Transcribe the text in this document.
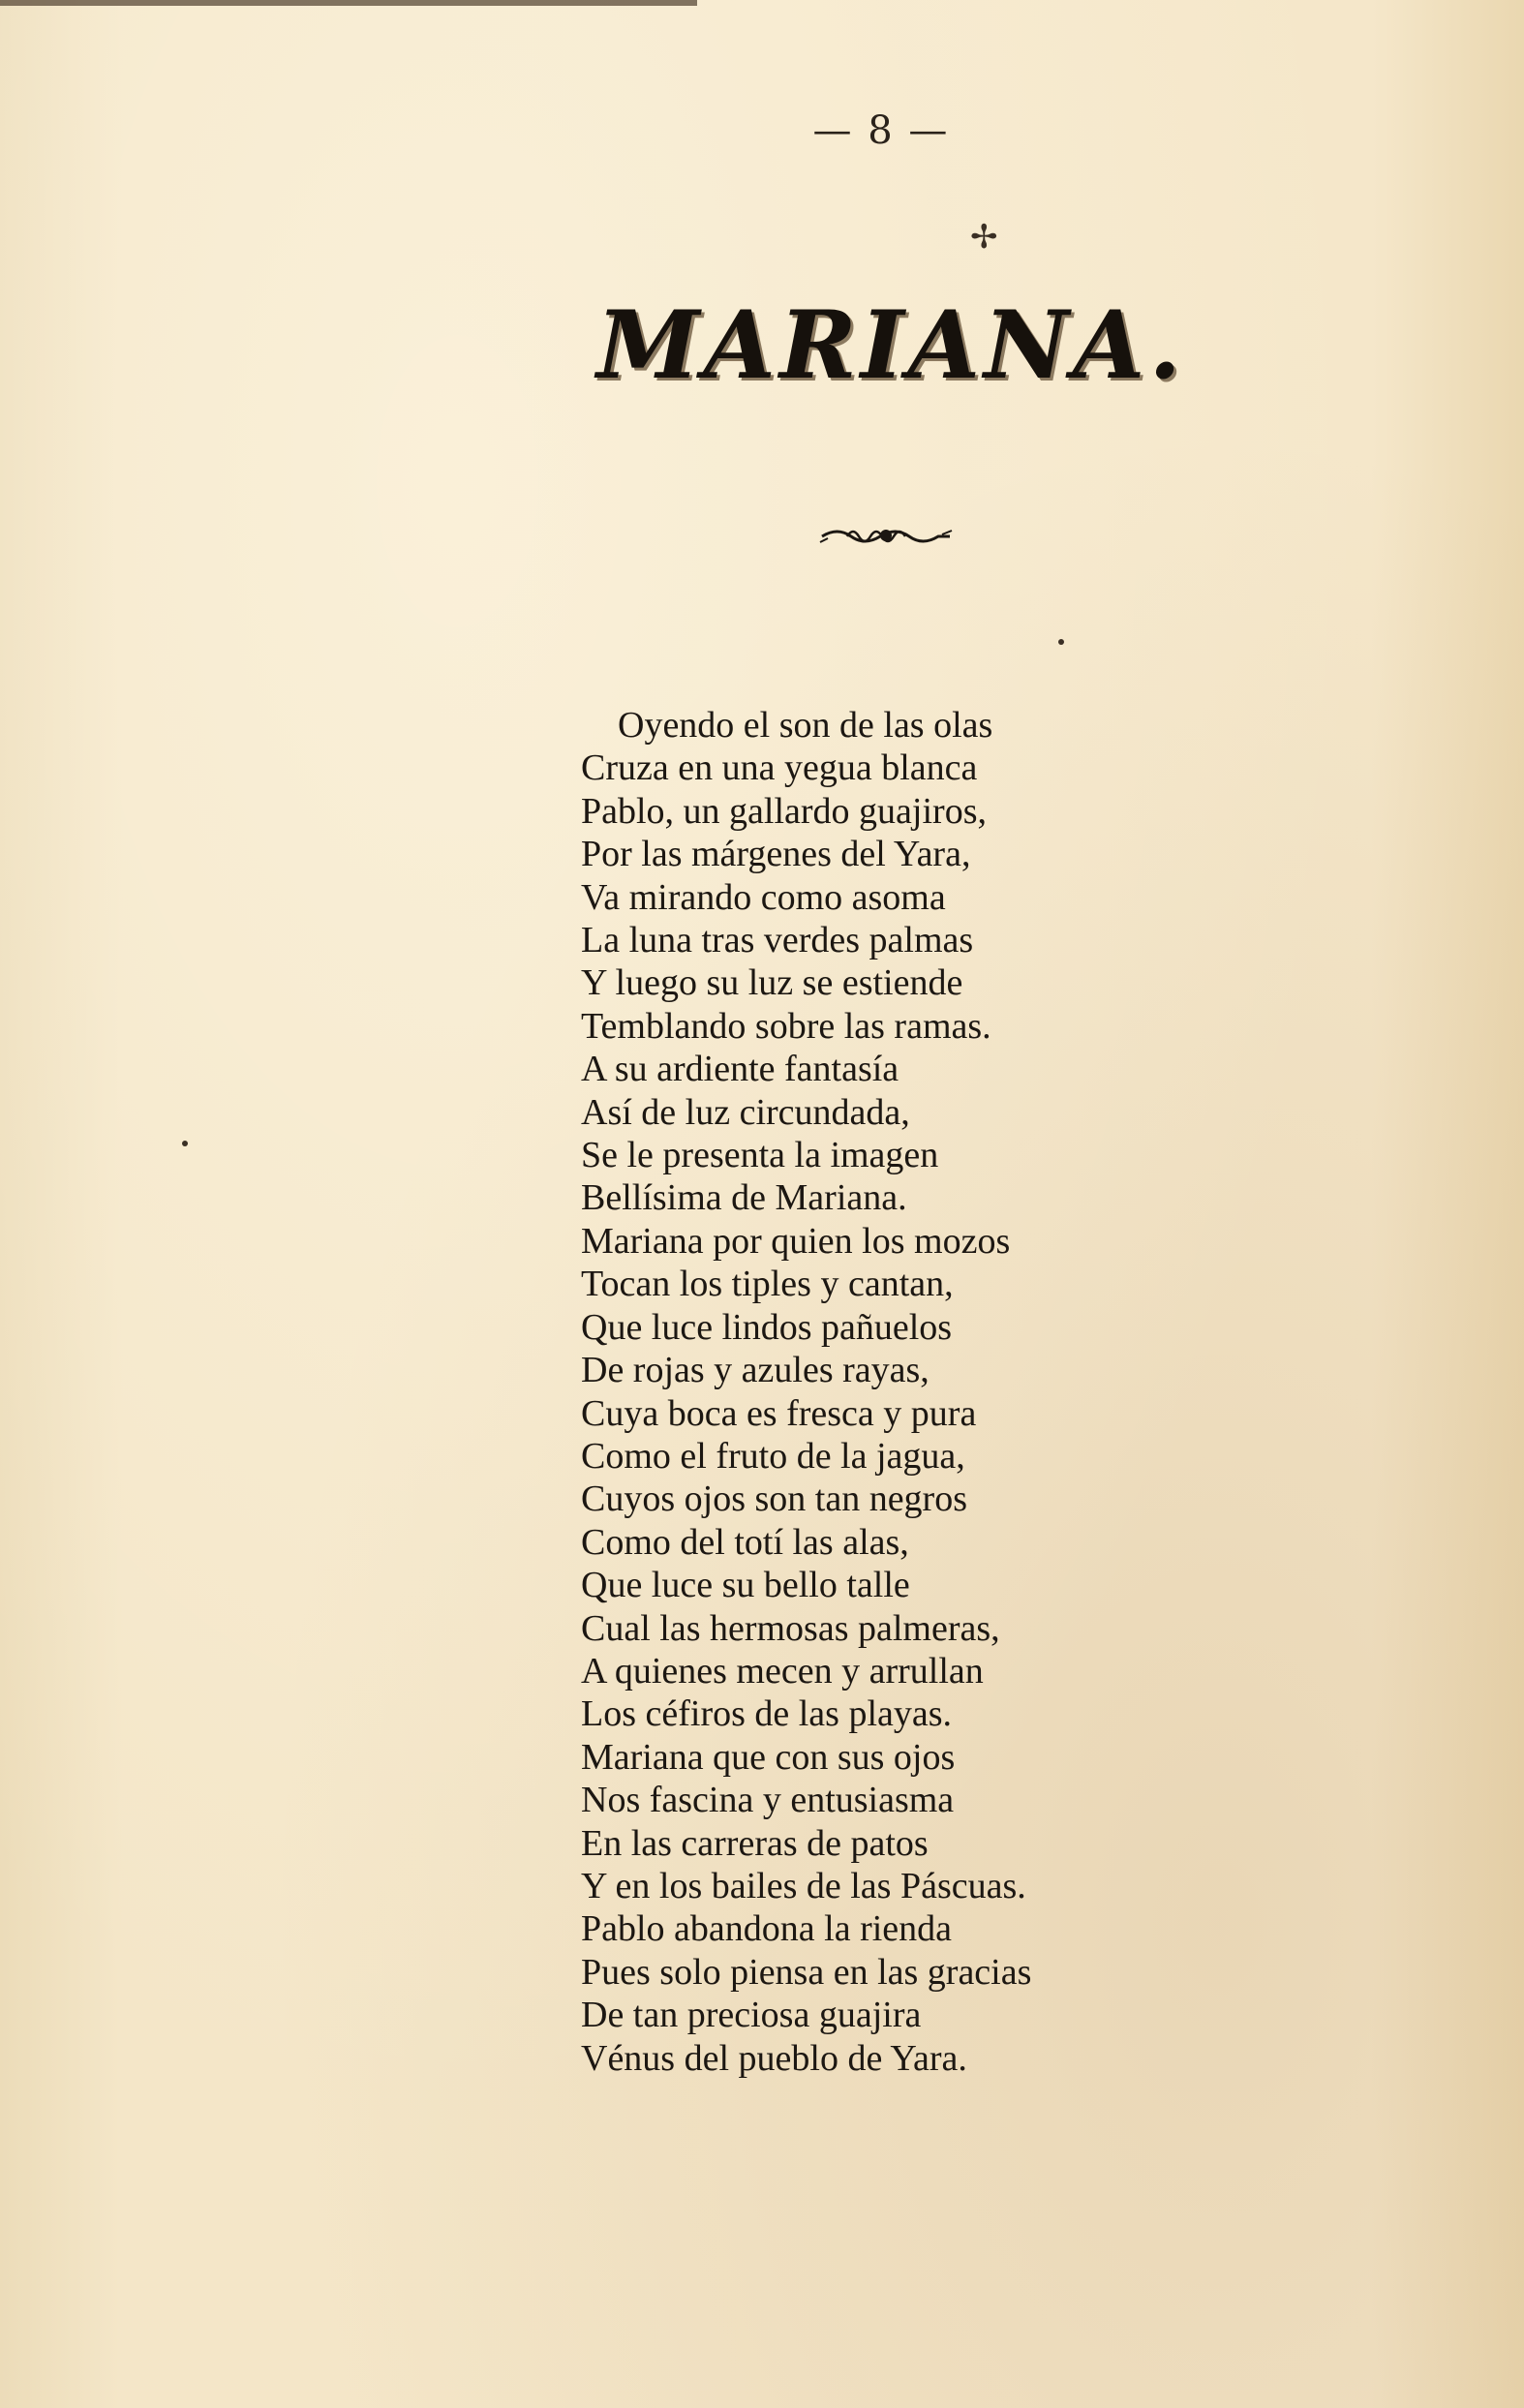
— 8 —
✢
MARIANA.
Oyendo el son de las olas
Cruza en una yegua blanca
Pablo, un gallardo guajiros,
Por las márgenes del Yara,
Va mirando como asoma
La luna tras verdes palmas
Y luego su luz se estiende
Temblando sobre las ramas.
A su ardiente fantasía
Así de luz circundada,
Se le presenta la imagen
Bellísima de Mariana.
Mariana por quien los mozos
Tocan los tiples y cantan,
Que luce lindos pañuelos
De rojas y azules rayas,
Cuya boca es fresca y pura
Como el fruto de la jagua,
Cuyos ojos son tan negros
Como del totí las alas,
Que luce su bello talle
Cual las hermosas palmeras,
A quienes mecen y arrullan
Los céfiros de las playas.
Mariana que con sus ojos
Nos fascina y entusiasma
En las carreras de patos
Y en los bailes de las Páscuas.
Pablo abandona la rienda
Pues solo piensa en las gracias
De tan preciosa guajira
Vénus del pueblo de Yara.
